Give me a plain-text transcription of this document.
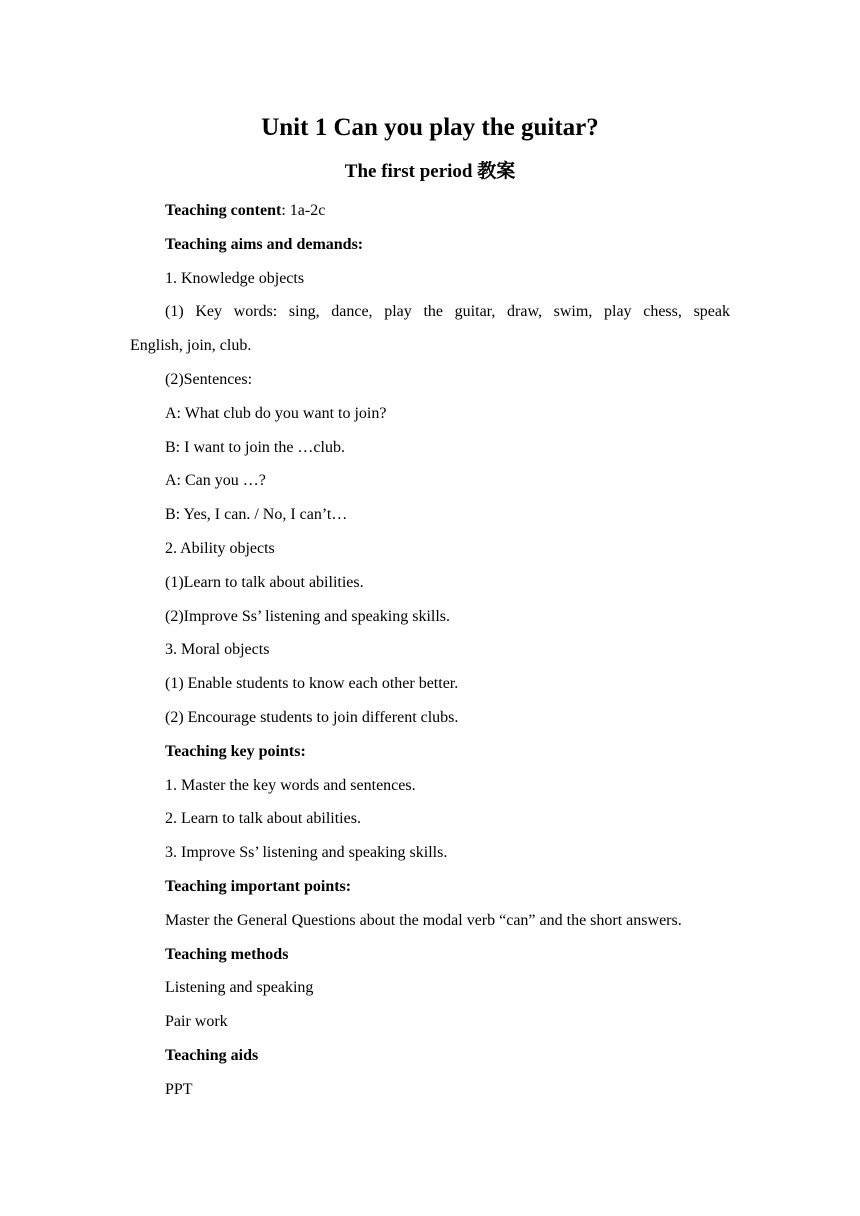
Unit 1 Can you play the guitar?
The first period 教案
Teaching content: 1a-2c
Teaching aims and demands:
1. Knowledge objects
(1) Key words: sing, dance, play the guitar, draw, swim, play chess, speak
English, join, club.
(2)Sentences:
A: What club do you want to join?
B: I want to join the …club.
A: Can you …?
B: Yes, I can. / No, I can’t…
2. Ability objects
(1)Learn to talk about abilities.
(2)Improve Ss’ listening and speaking skills.
3. Moral objects
(1) Enable students to know each other better.
(2) Encourage students to join different clubs.
Teaching key points:
1. Master the key words and sentences.
2. Learn to talk about abilities.
3. Improve Ss’ listening and speaking skills.
Teaching important points:
Master the General Questions about the modal verb “can” and the short answers.
Teaching methods
Listening and speaking
Pair work
Teaching aids
PPT
